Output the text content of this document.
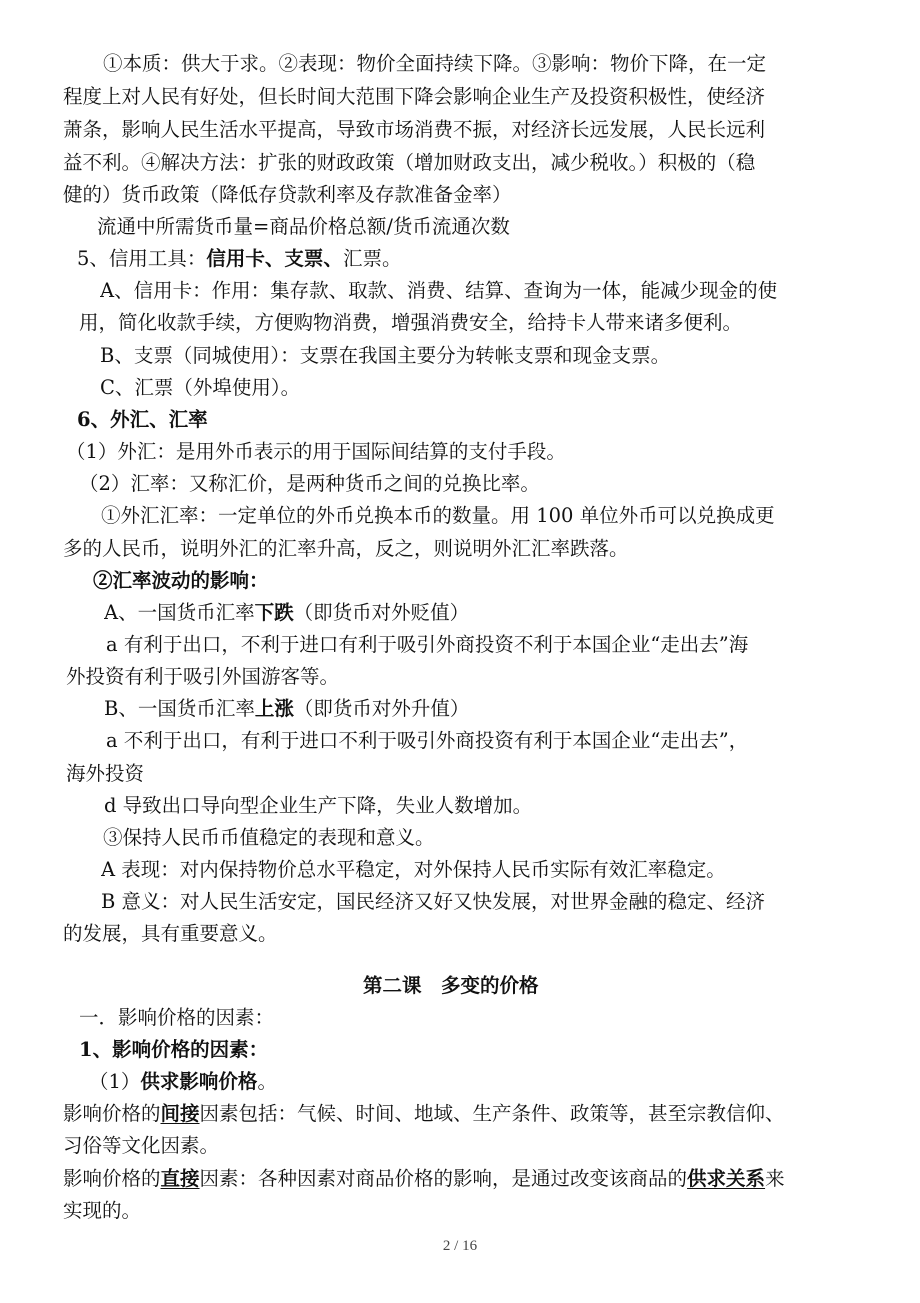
①本质：供大于求。②表现：物价全面持续下降。③影响：物价下降，在一定
程度上对人民有好处，但长时间大范围下降会影响企业生产及投资积极性，使经济
萧条，影响人民生活水平提高，导致市场消费不振，对经济长远发展，人民长远利
益不利。④解决方法：扩张的财政政策（增加财政支出，减少税收。）积极的（稳
健的）货币政策（降低存贷款利率及存款准备金率）
流通中所需货币量=商品价格总额/货币流通次数
5、信用工具：信用卡、支票、汇票。
A、信用卡：作用：集存款、取款、消费、结算、查询为一体，能减少现金的使
用，简化收款手续，方便购物消费，增强消费安全，给持卡人带来诸多便利。
B、支票（同城使用）：支票在我国主要分为转帐支票和现金支票。
C、汇票（外埠使用）。
6、外汇、汇率
（1）外汇：是用外币表示的用于国际间结算的支付手段。
（2）汇率：又称汇价，是两种货币之间的兑换比率。
①外汇汇率：一定单位的外币兑换本币的数量。用 100 单位外币可以兑换成更
多的人民币，说明外汇的汇率升高，反之，则说明外汇汇率跌落。
②汇率波动的影响：
A、一国货币汇率下跌（即货币对外贬值）
a 有利于出口，不利于进口有利于吸引外商投资不利于本国企业“走出去”海
外投资有利于吸引外国游客等。
B、一国货币汇率上涨（即货币对外升值）
a 不利于出口，有利于进口不利于吸引外商投资有利于本国企业“走出去”，
海外投资
d 导致出口导向型企业生产下降，失业人数增加。
③保持人民币币值稳定的表现和意义。
A 表现：对内保持物价总水平稳定，对外保持人民币实际有效汇率稳定。
B 意义：对人民生活安定，国民经济又好又快发展，对世界金融的稳定、经济
的发展，具有重要意义。
第二课　多变的价格
一．影响价格的因素：
1、影响价格的因素：
（1）供求影响价格。
影响价格的间接因素包括：气候、时间、地域、生产条件、政策等，甚至宗教信仰、
习俗等文化因素。
影响价格的直接因素：各种因素对商品价格的影响，是通过改变该商品的供求关系来
实现的。
2 / 16
